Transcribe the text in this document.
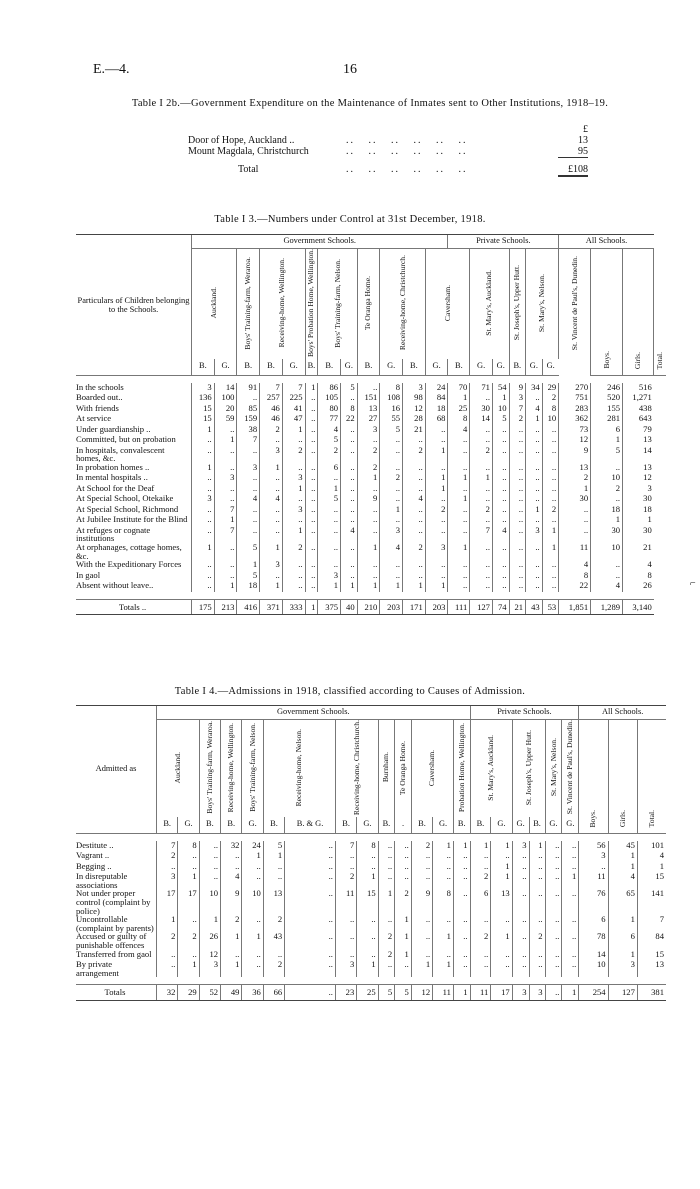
E.—4.	16
Table I 2b.—Government Expenditure on the Maintenance of Inmates sent to Other Institutions, 1918–19.
£
Door of Hope, Auckland ..	..   ..   ..   ..   ..   ..	13
Mount Magdala, Christchurch	..   ..   ..   ..   ..   ..	95
Total	..   ..   ..   ..   ..   ..	£108
Table I 3.—Numbers under Control at 31st December, 1918.
Particulars of Children belonging to the Schools.	Government Schools.												Private Schools.						All Schools.			
	Auckland.		Boys' Training-farm, Weraroa.	Receiving-home, Wellington.		Boys' Probation Home, Wellington.	Boys' Training-farm, Nelson.		Te Oranga Home.	Receiving-home, Christchurch.		Caversham.		St. Mary's, Auckland.		St. Joseph's, Upper Hutt.	St. Mary's, Nelson.		St. Vincent de Paul's, Dunedin.	Boys.	Girls.	Total.
	B.	G.	B.	B.	G.	B.	B.	G.	B.	G.	B.	G.	B.	G.	G.	B.	G.	G.				

In the schools	3	14	91	7	7	1	86	5	..	8	3	24	70	71	54	9	34	29	270	246	516	
Boarded out..	136	100	..	257	225	..	105	..	151	108	98	84	1	..	1	3	..	2	751	520	1,271	
With friends	15	20	85	46	41	..	80	8	13	16	12	18	25	30	10	7	4	8	283	155	438	
At service	15	59	159	46	47	..	77	22	27	55	28	68	8	14	5	2	1	10	362	281	643	
Under guardianship ..	1	..	38	2	1	..	4	..	3	5	21	..	4	..	..	..	..	..	73	6	79	
Committed, but on probation	..	1	7	..	..	..	5	..	..	..	..	..	..	..	..	..	..	..	12	1	13	
In hospitals, convalescent homes, &c.	..	..	..	3	2	..	2	..	2	..	2	1	..	2	..	..	..	..	9	5	14	
In probation homes ..	1	..	3	1	..	..	6	..	2	..	..	..	..	..	..	..	..	..	13	..	13	
In mental hospitals ..	..	3	..	..	3	..	..	..	1	2	..	1	1	1	..	..	..	..	2	10	12	
At School for the Deaf	..	..	..	..	1	..	1	..	..	..	..	1	..	..	..	..	..	..	1	2	3	
At Special School, Otekaike	3	..	4	4	..	..	5	..	9	..	4	..	1	..	..	..	..	..	30	..	30	
At Special School, Richmond	..	7	..	..	3	..	..	..	..	1	..	2	..	2	..	..	1	2	..	18	18	
At Jubilee Institute for the Blind	..	1	..	..	..	..	..	..	..	..	..	..	..	..	..	..	..	..	..	1	1	
At refuges or cognate institutions	..	7	..	..	1	..	..	4	..	3	..	..	..	7	4	..	3	1	..	30	30	
At orphanages, cottage homes, &c.	1	..	5	1	2	..	..	..	1	4	2	3	1	..	..	..	..	1	11	10	21	
With the Expeditionary Forces	..	..	1	3	..	..	..	..	..	..	..	..	..	..	..	..	..	..	4	..	4	
In gaol	..	..	5	..	..	..	3	..	..	..	..	..	..	..	..	..	..	..	8	..	8	
Absent without leave..	..	1	18	1	..	..	1	1	1	1	1	1	..	..	..	..	..	..	22	4	26	

Totals ..	175	213	416	371	333	1	375	40	210	203	171	203	111	127	74	21	43	53	1,851	1,289	3,140	
Table I 4.—Admissions in 1918, classified according to Causes of Admission.
Admitted as	Government Schools.														Private Schools.						All Schools.		
	Auckland.		Boys' Training-farm, Weraroa.	Receiving-home, Wellington.	Boys' Training-farm, Nelson.	Receiving-home, Nelson.		Receiving-home, Christchurch.		Burnham.	Te Oranga Home.	Caversham.		Probation Home, Wellington.	St. Mary's, Auckland.		St. Joseph's, Upper Hutt.		St. Mary's, Nelson.	St. Vincent de Paul's, Dunedin.	Boys.	Girls.	Total.
	B.	G.	B.	B.	G.	B.	B. & G.	B.	G.	B.	.	B.	G.	B.	B.	G.	G.	B.	G.	G.			

Destitute ..	7	8	..	32	24	5	..	7	8	..	..	2	1	1	1	1	3	1	..	..	56	45	101
Vagrant ..	2	..	..	..	1	1	..	..	..	..	..	..	..	..	..	..	..	..	..	..	3	1	4
Begging ..	..	..	..	..	..	..	..	..	..	..	..	..	..	..	..	1	..	..	..	..	..	1	1
In disreputable associations	3	1	..	4	..	..	..	2	1	..	..	..	..	..	2	1	..	..	..	1	11	4	15
Not under proper control (complaint by police)	17	17	10	9	10	13	..	11	15	1	2	9	8	..	6	13	..	..	..	..	76	65	141
Uncontrollable (complaint by parents)	1	..	1	2	..	2	..	..	..	..	1	..	..	..	..	..	..	..	..	..	6	1	7
Accused or guilty of punishable offences	2	2	26	1	1	43	..	..	..	2	1	..	1	..	2	1	..	2	..	..	78	6	84
Transferred from gaol	..	..	12	..	..	..	..	..	..	2	1	..	..	..	..	..	..	..	..	..	14	1	15
By private arrangement	..	1	3	1	..	2	..	3	1	..	..	1	1	..	..	..	..	..	..	..	10	3	13

Totals	32	29	52	49	36	66	..	23	25	5	5	12	11	1	11	17	3	3	..	1	254	127	381
⌐
